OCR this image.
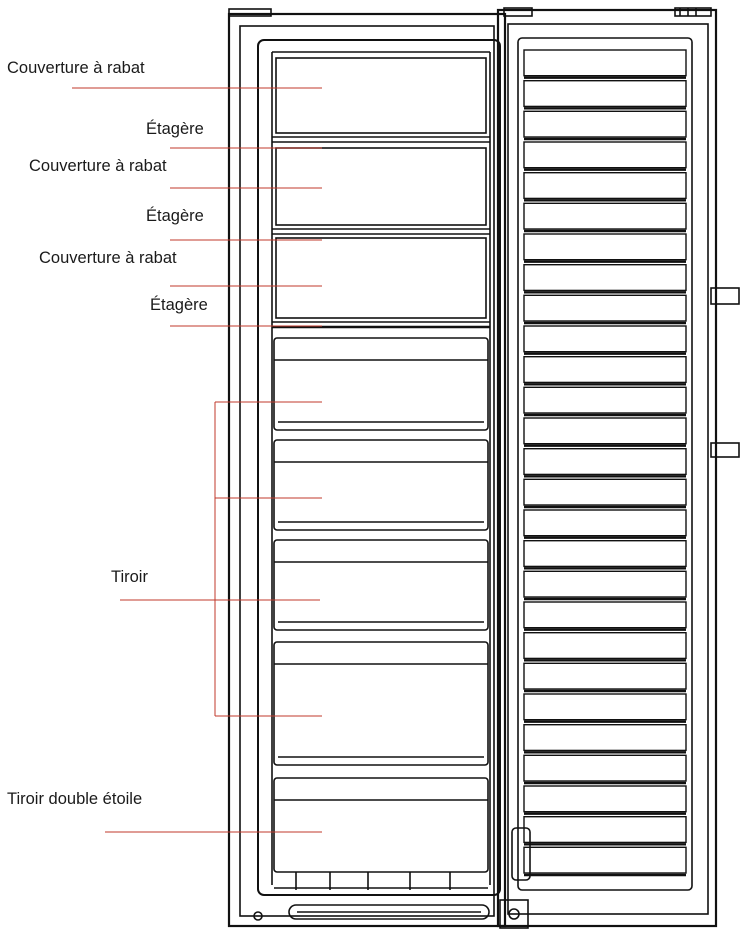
Couverture à rabat
Étagère
Couverture à rabat
Étagère
Couverture à rabat
Étagère
Tiroir
Tiroir double étoile
